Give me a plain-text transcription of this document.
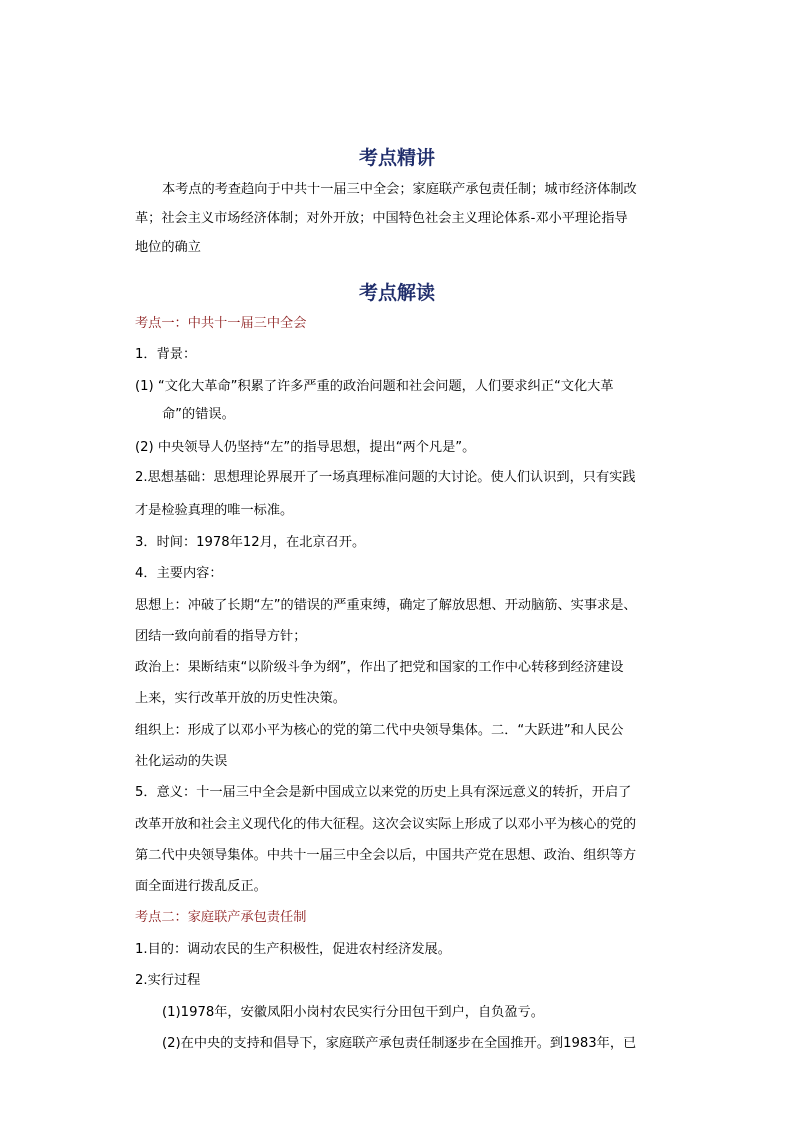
考点精讲
本考点的考查趋向于中共十一届三中全会；家庭联产承包责任制；城市经济体制改
革；社会主义市场经济体制；对外开放；中国特色社会主义理论体系-邓小平理论指导
地位的确立
考点解读
考点一：中共十一届三中全会
1．背景：
(1) “文化大革命”积累了许多严重的政治问题和社会问题，人们要求纠正“文化大革
命”的错误。
(2) 中央领导人仍坚持“左”的指导思想，提出“两个凡是”。
2.思想基础：思想理论界展开了一场真理标准问题的大讨论。使人们认识到，只有实践
才是检验真理的唯一标准。
3．时间：1978年12月，在北京召开。
4．主要内容：
思想上：冲破了长期“左”的错误的严重束缚，确定了解放思想、开动脑筋、实事求是、
团结一致向前看的指导方针；
政治上：果断结束“以阶级斗争为纲”，作出了把党和国家的工作中心转移到经济建设
上来，实行改革开放的历史性决策。
组织上：形成了以邓小平为核心的党的第二代中央领导集体。二．“大跃进”和人民公
社化运动的失误
5．意义：十一届三中全会是新中国成立以来党的历史上具有深远意义的转折，开启了
改革开放和社会主义现代化的伟大征程。这次会议实际上形成了以邓小平为核心的党的
第二代中央领导集体。中共十一届三中全会以后，中国共产党在思想、政治、组织等方
面全面进行拨乱反正。
考点二：家庭联产承包责任制
1.目的：调动农民的生产积极性，促进农村经济发展。
2.实行过程
(1)1978年，安徽凤阳小岗村农民实行分田包干到户，自负盈亏。
(2)在中央的支持和倡导下，家庭联产承包责任制逐步在全国推开。到1983年，已
